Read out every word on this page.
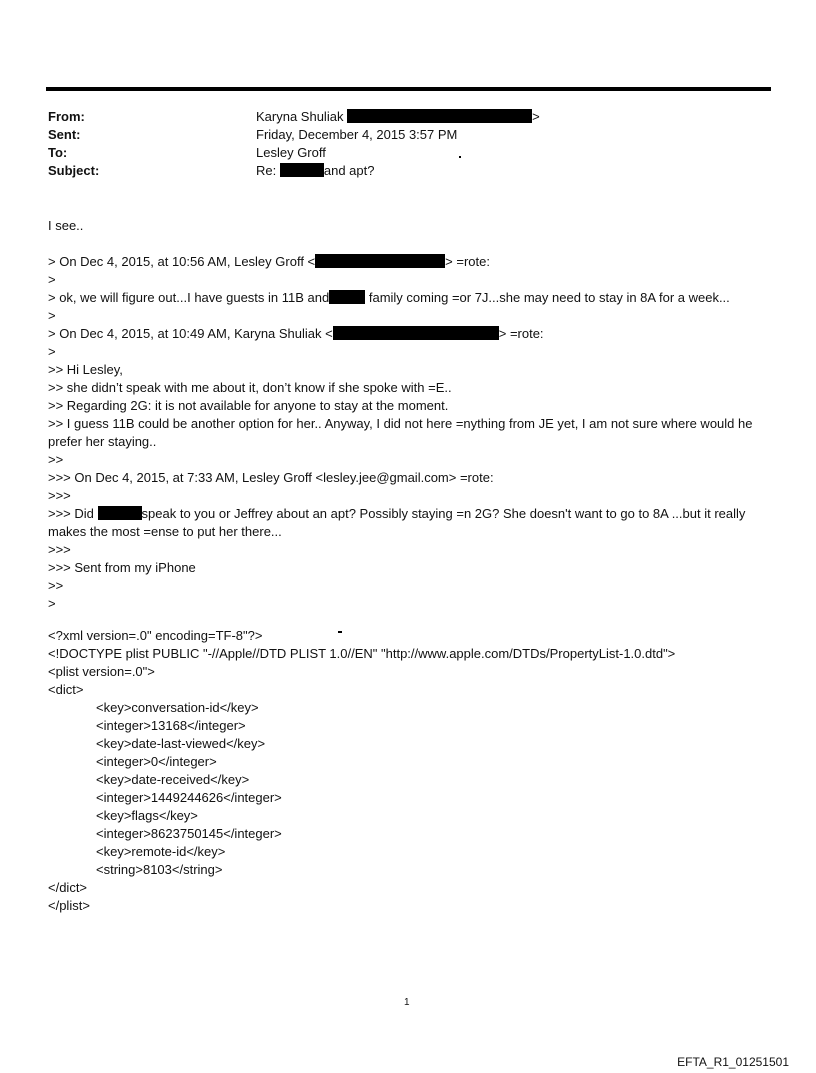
From:	Karyna Shuliak	>
Sent:	Friday, December 4, 2015 3:57 PM
To:	Lesley Groff
Subject:	Re:	and apt?
I see..
> On Dec 4, 2015, at 10:56 AM, Lesley Groff <	> =rote:
>
> ok, we will figure out...I have guests in 11B and	family coming =or 7J...she may need to stay in 8A for a week...
>
> On Dec 4, 2015, at 10:49 AM, Karyna Shuliak <	> =rote:
>
>> Hi Lesley,
>> she didn’t speak with me about it, don’t know if she spoke with =E..
>> Regarding 2G: it is not available for anyone to stay at the moment.
>> I guess 11B could be another option for her.. Anyway, I did not here =nything from JE yet, I am not sure where would he prefer her staying..
>>
>>> On Dec 4, 2015, at 7:33 AM, Lesley Groff <lesley.jee@gmail.com> =rote:
>>>
>>> Did	speak to you or Jeffrey about an apt? Possibly staying =n 2G? She doesn't want to go to 8A ...but it really makes the most =ense to put her there...
>>>
>>> Sent from my iPhone
>>
>
<?xml version=.0" encoding=TF-8"?>
<!DOCTYPE plist PUBLIC "-//Apple//DTD PLIST 1.0//EN" "http://www.apple.com/DTDs/PropertyList-1.0.dtd">
<plist version=.0">
<dict>
<key>conversation-id</key>
<integer>13168</integer>
<key>date-last-viewed</key>
<integer>0</integer>
<key>date-received</key>
<integer>1449244626</integer>
<key>flags</key>
<integer>8623750145</integer>
<key>remote-id</key>
<string>8103</string>
</dict>
</plist>
1
EFTA_R1_01251501
